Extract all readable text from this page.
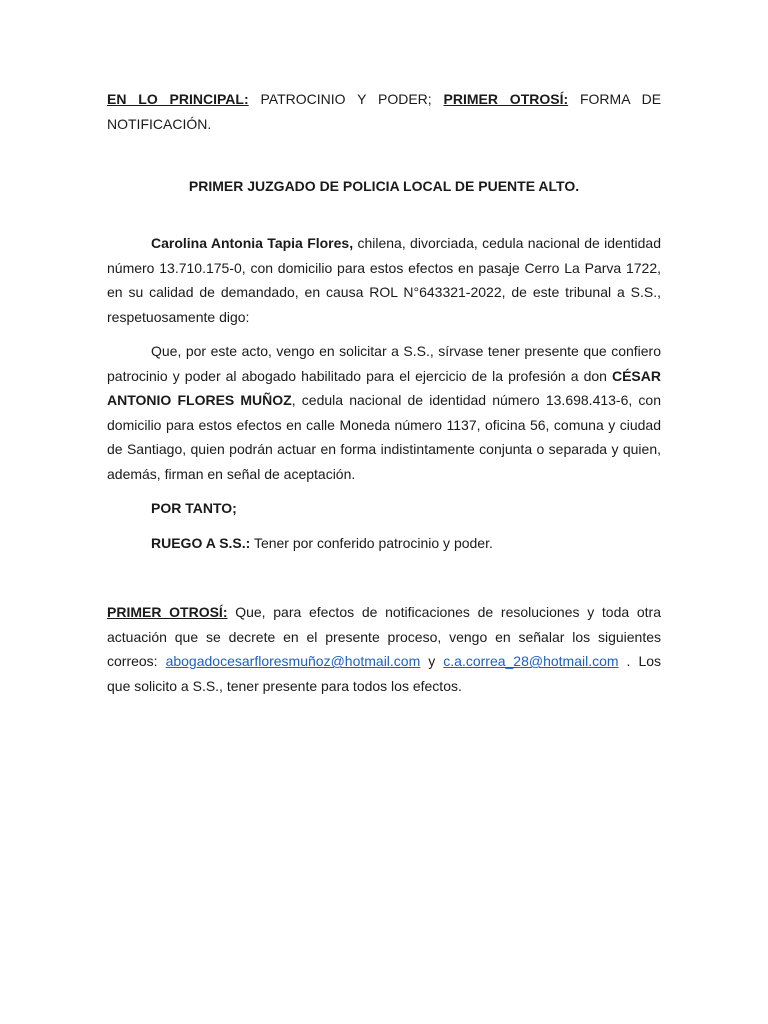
EN LO PRINCIPAL: PATROCINIO Y PODER; PRIMER OTROSÍ: FORMA DE NOTIFICACIÓN.

PRIMER JUZGADO DE POLICIA LOCAL DE PUENTE ALTO.

Carolina Antonia Tapia Flores, chilena, divorciada, cedula nacional de identidad número 13.710.175-0, con domicilio para estos efectos en pasaje Cerro La Parva 1722, en su calidad de demandado, en causa ROL N°643321-2022, de este tribunal a S.S., respetuosamente digo:

Que, por este acto, vengo en solicitar a S.S., sírvase tener presente que confiero patrocinio y poder al abogado habilitado para el ejercicio de la profesión a don CÉSAR ANTONIO FLORES MUÑOZ, cedula nacional de identidad número 13.698.413-6, con domicilio para estos efectos en calle Moneda número 1137, oficina 56, comuna y ciudad de Santiago, quien podrán actuar en forma indistintamente conjunta o separada y quien, además, firman en señal de aceptación.

POR TANTO;

RUEGO A S.S.: Tener por conferido patrocinio y poder.

PRIMER OTROSÍ: Que, para efectos de notificaciones de resoluciones y toda otra actuación que se decrete en el presente proceso, vengo en señalar los siguientes correos: abogadocesarfloresmuñoz@hotmail.com y c.a.correa_28@hotmail.com . Los que solicito a S.S., tener presente para todos los efectos.
